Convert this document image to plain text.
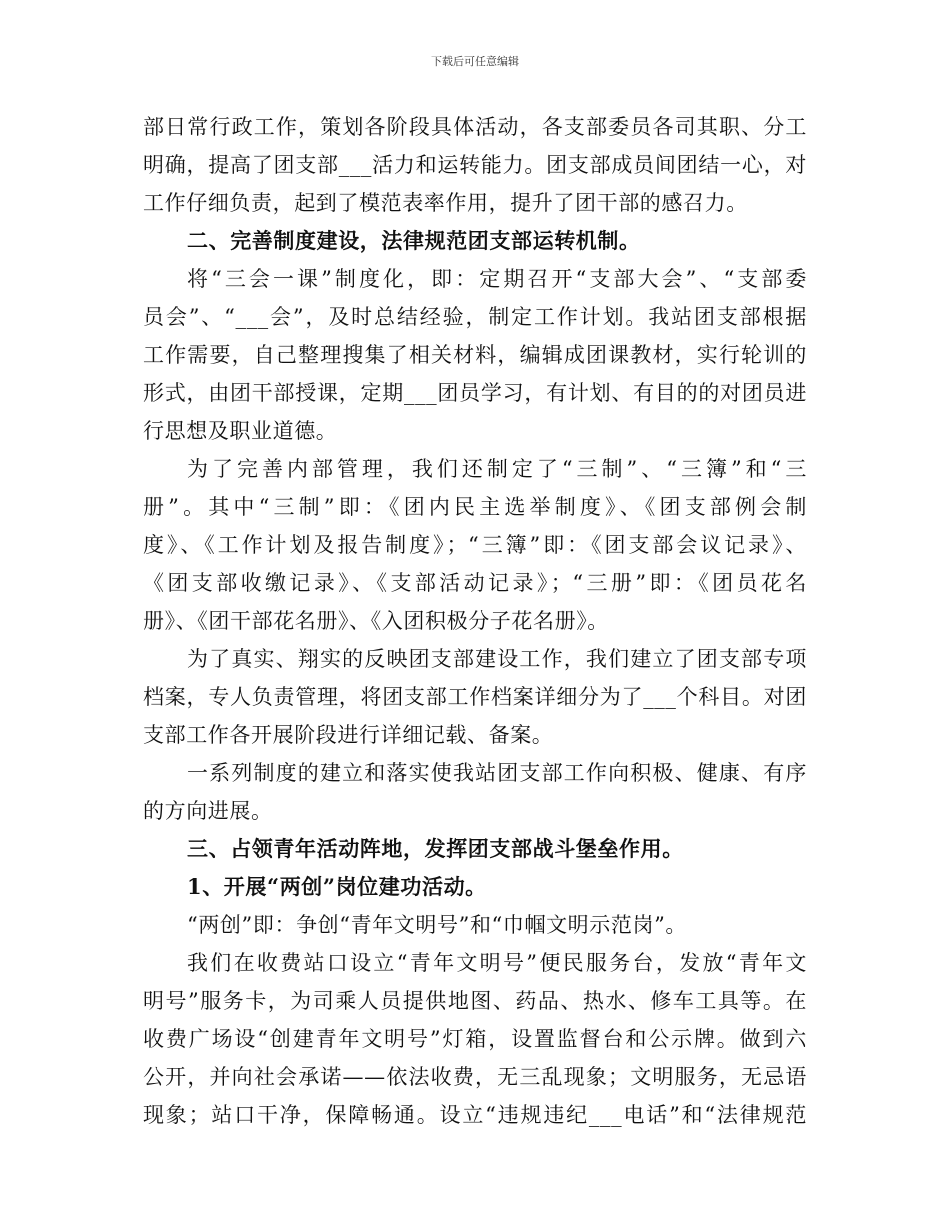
下载后可任意编辑
部日常行政工作，策划各阶段具体活动，各支部委员各司其职、分工
明确，提高了团支部___活力和运转能力。团支部成员间团结一心，对
工作仔细负责，起到了模范表率作用，提升了团干部的感召力。
二、完善制度建设，法律规范团支部运转机制。
将“三会一课”制度化，即：定期召开“支部大会”、“支部委
员会”、“___会”，及时总结经验，制定工作计划。我站团支部根据
工作需要，自己整理搜集了相关材料，编辑成团课教材，实行轮训的
形式，由团干部授课，定期___团员学习，有计划、有目的的对团员进
行思想及职业道德。
为了完善内部管理，我们还制定了“三制”、“三簿”和“三
册”。其中“三制”即：《团内民主选举制度》、《团支部例会制
度》、《工作计划及报告制度》；“三簿”即：《团支部会议记录》、
《团支部收缴记录》、《支部活动记录》；“三册”即：《团员花名
册》、《团干部花名册》、《入团积极分子花名册》。
为了真实、翔实的反映团支部建设工作，我们建立了团支部专项
档案，专人负责管理，将团支部工作档案详细分为了___个科目。对团
支部工作各开展阶段进行详细记载、备案。
一系列制度的建立和落实使我站团支部工作向积极、健康、有序
的方向进展。
三、占领青年活动阵地，发挥团支部战斗堡垒作用。
1、开展“两创”岗位建功活动。
“两创”即：争创“青年文明号”和“巾帼文明示范岗”。
我们在收费站口设立“青年文明号”便民服务台，发放“青年文
明号”服务卡，为司乘人员提供地图、药品、热水、修车工具等。在
收费广场设“创建青年文明号”灯箱，设置监督台和公示牌。做到六
公开，并向社会承诺——依法收费，无三乱现象；文明服务，无忌语
现象；站口干净，保障畅通。设立“违规违纪___电话”和“法律规范
